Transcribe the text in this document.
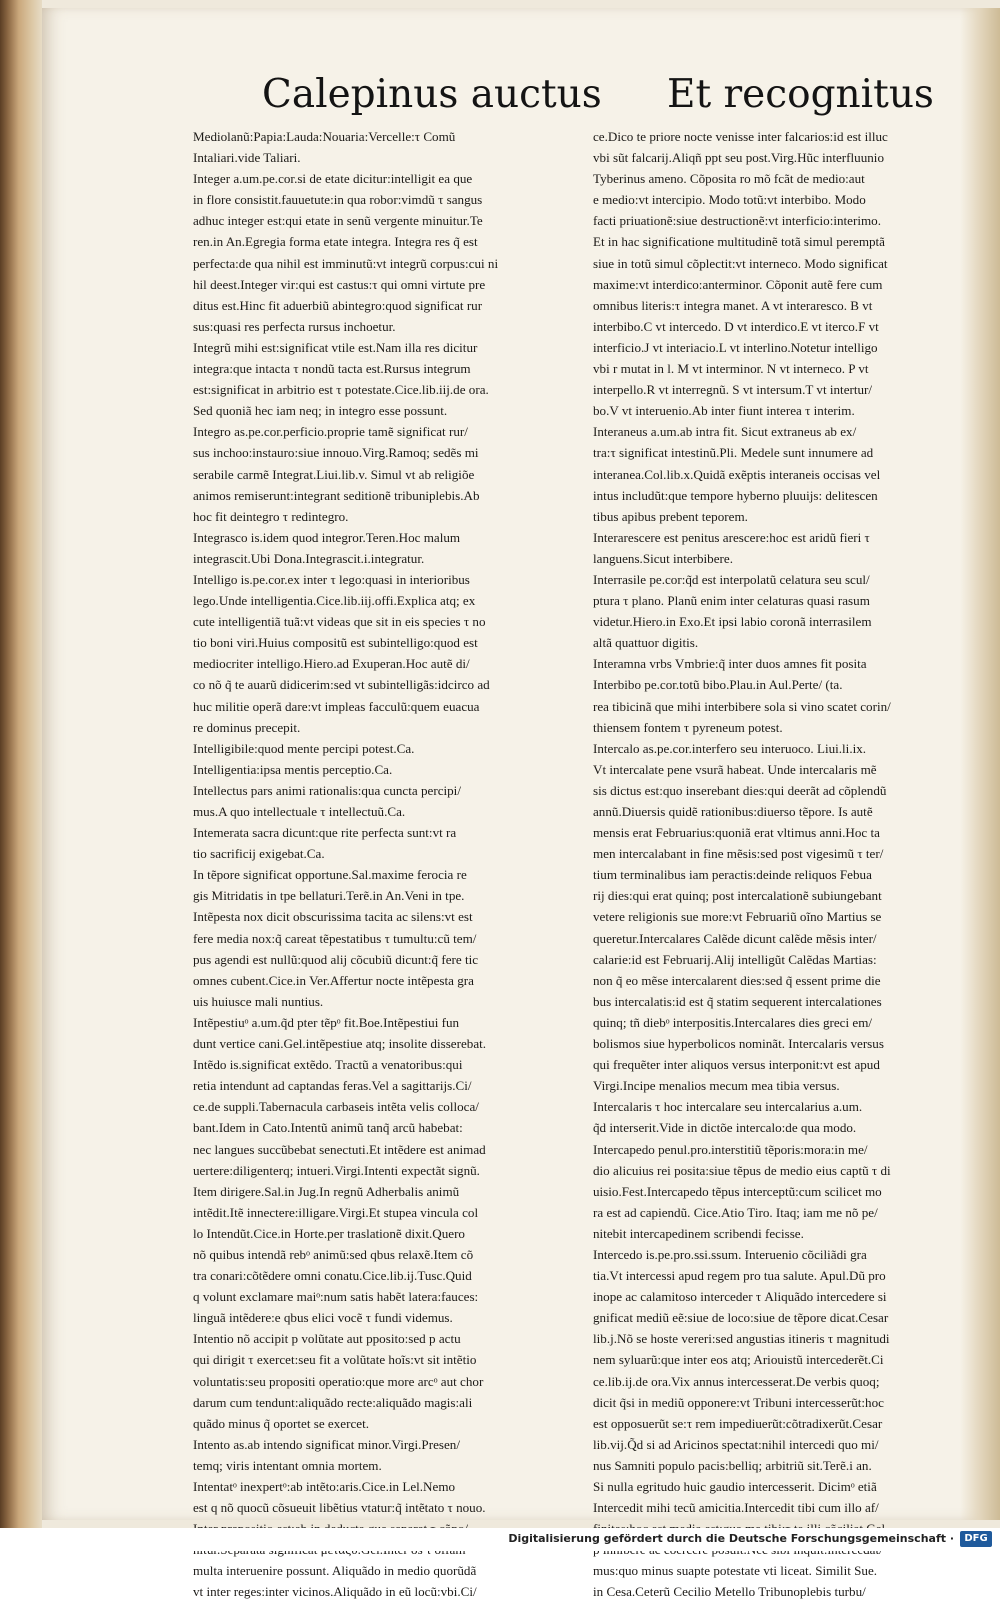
Calepinus auctus Et recognitus
Mediolanũ:Papia:Lauda:Nouaria:Vercelle:τ Comũ
Intaliari.vide Taliari.
Integer a.um.pe.cor.si de etate dicitur:intelligit ea que
in flore consistit.fauuetute:in qua robor:vimdũ τ sangus
adhuc integer est:qui etate in senũ vergente minuitur.Te
ren.in An.Egregia forma etate integra. Integra res q̃ est
perfecta:de qua nihil est imminutũ:vt integrũ corpus:cui ni
hil deest.Integer vir:qui est castus:τ qui omni virtute pre
ditus est.Hinc fit aduerbiũ abintegro:quod significat rur
sus:quasi res perfecta rursus inchoetur.
Integrũ mihi est:significat vtile est.Nam illa res dicitur
integra:que intacta τ nondũ tacta est.Rursus integrum
est:significat in arbitrio est τ potestate.Cice.lib.iij.de ora.
Sed quoniã hec iam neq; in integro esse possunt.
Integro as.pe.cor.perficio.proprie tamẽ significat rur/
sus inchoo:instauro:siue innouo.Virg.Ramoq; sedẽs mi
serabile carmẽ Integrat.Liui.lib.v. Simul vt ab religiõe
animos remiserunt:integrant seditionẽ tribuniplebis.Ab
hoc fit deintegro τ redintegro.
Integrasco is.idem quod integror.Teren.Hoc malum
integrascit.Ubi Dona.Integrascit.i.integratur.
Intelligo is.pe.cor.ex inter τ lego:quasi in interioribus
lego.Unde intelligentia.Cice.lib.iij.offi.Explica atq; ex
cute intelligentiã tuã:vt videas que sit in eis species τ no
tio boni viri.Huius compositũ est subintelligo:quod est
mediocriter intelligo.Hiero.ad Exuperan.Hoc autẽ di/
co nõ q̃ te auarũ didicerim:sed vt subintelligãs:idcirco ad
huc militie operã dare:vt impleas facculũ:quem euacua
re dominus precepit.
Intelligibile:quod mente percipi potest.Ca.
Intelligentia:ipsa mentis perceptio.Ca.
Intellectus pars animi rationalis:qua cuncta percipi/
mus.A quo intellectuale τ intellectuũ.Ca.
Intemerata sacra dicunt:que rite perfecta sunt:vt ra
tio sacrificij exigebat.Ca.
In tẽpore significat opportune.Sal.maxime ferocia re
gis Mitridatis in tpe bellaturi.Terẽ.in An.Veni in tpe.
Intẽpesta nox dicit obscurissima tacita ac silens:vt est
fere media nox:q̃ careat tẽpestatibus τ tumultu:cũ tem/
pus agendi est nullũ:quod alij cõcubiũ dicunt:q̃ fere tic
omnes cubent.Cice.in Ver.Affertur nocte intẽpesta gra
uis huiusce mali nuntius.
Intẽpestiuᵒ a.um.q̃d pter tẽpᵒ fit.Boe.Intẽpestiui fun
dunt vertice cani.Gel.intẽpestiue atq; insolite disserebat.
Intẽdo is.significat extẽdo. Tractũ a venatoribus:qui
retia intendunt ad captandas feras.Vel a sagittarijs.Ci/
ce.de suppli.Tabernacula carbaseis intẽta velis colloca/
bant.Idem in Cato.Intentũ animũ tanq̃ arcũ habebat:
nec langues succũbebat senectuti.Et intẽdere est animad
uertere:diligenterq; intueri.Virgi.Intenti expectãt signũ.
Item dirigere.Sal.in Jug.In regnũ Adherbalis animũ
intẽdit.Itẽ innectere:illigare.Virgi.Et stupea vincula col
lo Intendũt.Cice.in Horte.per traslationẽ dixit.Quero
nõ quibus intendã rebᵒ animũ:sed qbus relaxẽ.Item cõ
tra conari:cõtẽdere omni conatu.Cice.lib.ij.Tusc.Quid
q volunt exclamare maiᵒ:num satis habẽt latera:fauces:
linguã intẽdere:e qbus elici vocẽ τ fundi videmus.
Intentio nõ accipit p volũtate aut pposito:sed p actu
qui dirigit τ exercet:seu fit a volũtate hoĩs:vt sit intẽtio
voluntatis:seu propositi operatio:que more arcᵒ aut chor
darum cum tendunt:aliquãdo recte:aliquãdo magis:ali
quãdo minus q̃ oportet se exercet.
Intento as.ab intendo significat minor.Virgi.Presen/
temq; viris intentant omnia mortem.
Intentatᵒ inexpertᵒ:ab intẽto:aris.Cice.in Lel.Nemo
est q nõ quocũ cõsueuit libẽtius vtatur:q̃ intẽtato τ nouo.
multa interuenire possunt. Aliquãdo in medio quorũdã
vt inter reges:inter vicinos.Aliquãdo in eũ locũ:vbi.Ci/
ce.Dico te priore nocte venisse inter falcarios:id est illuc
vbi sũt falcarij.Aliqñ ppt seu post.Virg.Hũc interfluunio
Tyberinus ameno. Cõposita ro mõ fcãt de medio:aut
e medio:vt intercipio. Modo totũ:vt interbibo. Modo
facti priuationẽ:siue destructionẽ:vt interficio:interimo.
Et in hac significatione multitudinẽ totã simul peremptã
siue in totũ simul cõplectit:vt interneco. Modo significat
maxime:vt interdico:anterminor. Cõponit autẽ fere cum
omnibus literis:τ integra manet. A vt interaresco. B vt
interbibo.C vt intercedo. D vt interdico.E vt iterco.F vt
interficio.J vt interiacio.L vt interlino.Notetur intelligo
vbi r mutat in l. M vt interminor. N vt interneco. P vt
interpello.R vt interregnũ. S vt intersum.T vt intertur/
bo.V vt interuenio.Ab inter fiunt interea τ interim.
Interaneus a.um.ab intra fit. Sicut extraneus ab ex/
tra:τ significat intestinũ.Pli. Medele sunt innumere ad
interanea.Col.lib.x.Quidã exẽptis interaneis occisas vel
intus includũt:que tempore hyberno pluuijs: delitescen
tibus apibus prebent teporem.
Interarescere est penitus arescere:hoc est aridũ fieri τ
languens.Sicut interbibere.
Interrasile pe.cor:q̃d est interpolatũ celatura seu scul/
ptura τ plano. Planũ enim inter celaturas quasi rasum
videtur.Hiero.in Exo.Et ipsi labio coronã interrasilem
altã quattuor digitis.
Interamna vrbs Vmbrie:q̃ inter duos amnes fit posita
Interbibo pe.cor.totũ bibo.Plau.in Aul.Perte/ (ta.
rea tibicinã que mihi interbibere sola si vino scatet corin/
thiensem fontem τ pyreneum potest.
Intercalo as.pe.cor.interfero seu interuoco. Liui.li.ix.
Vt intercalate pene vsurã habeat. Unde intercalaris mẽ
sis dictus est:quo inserebant dies:qui deerãt ad cõplendũ
annũ.Diuersis quidẽ rationibus:diuerso tẽpore. Is autẽ
mensis erat Februarius:quoniã erat vltimus anni.Hoc ta
men intercalabant in fine mẽsis:sed post vigesimũ τ ter/
tium terminalibus iam peractis:deinde reliquos Febua
rij dies:qui erat quinq; post intercalationẽ subiungebant
vetere religionis sue more:vt Februariũ oĩno Martius se
queretur.Intercalares Calẽde dicunt calẽde mẽsis inter/
calarie:id est Februarij.Alij intelligũt Calẽdas Martias:
non q̃ eo mẽse intercalarent dies:sed q̃ essent prime die
bus intercalatis:id est q̃ statim sequerent intercalationes
quinq; tñ diebᵒ interpositis.Intercalares dies greci em/
bolismos siue hyperbolicos nominãt. Intercalaris versus
qui frequẽter inter aliquos versus interponit:vt est apud
Virgi.Incipe menalios mecum mea tibia versus.
Intercalaris τ hoc intercalare seu intercalarius a.um.
q̃d interserit.Vide in dictõe intercalo:de qua modo.
Intercapedo penul.pro.interstitiũ tẽporis:mora:in me/
dio alicuius rei posita:siue tẽpus de medio eius captũ τ di
uisio.Fest.Intercapedo tẽpus interceptũ:cum scilicet mo
ra est ad capiendũ. Cice.Atio Tiro. Itaq; iam me nõ pe/
nitebit intercapedinem scribendi fecisse.
Intercedo is.pe.pro.ssi.ssum. Interuenio cõciliãdi gra
tia.Vt intercessi apud regem pro tua salute. Apul.Dũ pro
inope ac calamitoso interceder τ Aliquãdo intercedere si
gnificat mediũ eẽ:siue de loco:siue de tẽpore dicat.Cesar
lib.j.Nõ se hoste vereri:sed angustias itineris τ magnitudi
nem syluarũ:que inter eos atq; Ariouistũ intercederẽt.Ci
ce.lib.ij.de ora.Vix annus intercesserat.De verbis quoq;
dicit q̃si in mediũ opponere:vt Tribuni intercesserũt:hoc
est opposuerũt se:τ rem impediuerũt:cõtradixerũt.Cesar
lib.vij.Q̃d si ad Aricinos spectat:nihil intercedi quo mi/
nus Samniti populo pacis:belliq; arbitriũ sit.Terẽ.i an.
Si nulla egritudo huic gaudio intercesserit. Dicimᵒ etiã
Intercedit mihi tecũ amicitia.Intercedit tibi cum illo af/
mus:quo minus suapte potestate vti liceat. Similit Sue.
in Cesa.Ceterũ Cecilio Metello Tribunoplebis turbu/
Digitalisierung gefördert durch die Deutsche Forschungsgemeinschaft ·	DFG
